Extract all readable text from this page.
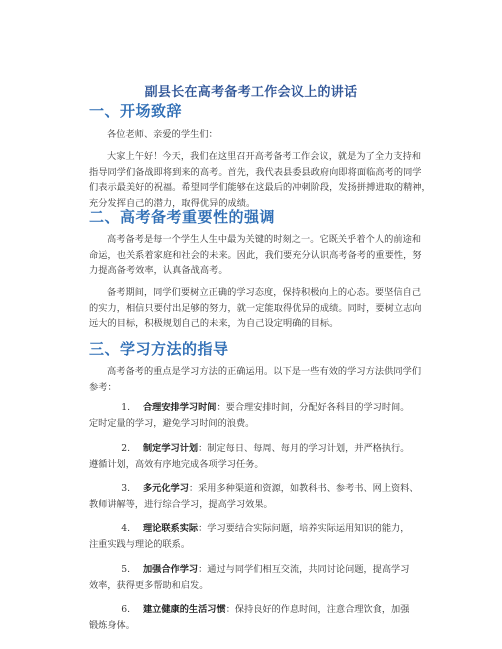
副县长在高考备考工作会议上的讲话
一、开场致辞
各位老师、亲爱的学生们：
大家上午好！今天，我们在这里召开高考备考工作会议，就是为了全力支持和
指导同学们备战即将到来的高考。首先，我代表县委县政府向即将面临高考的同学
们表示最美好的祝福。希望同学们能够在这最后的冲刺阶段，发扬拼搏进取的精神，
充分发挥自己的潜力，取得优异的成绩。
二、高考备考重要性的强调
高考备考是每一个学生人生中最为关键的时刻之一。它既关乎着个人的前途和
命运，也关系着家庭和社会的未来。因此，我们要充分认识高考备考的重要性，努
力提高备考效率，认真备战高考。
备考期间，同学们要树立正确的学习态度，保持积极向上的心态。要坚信自己
的实力，相信只要付出足够的努力，就一定能取得优异的成绩。同时，要树立志向
远大的目标，积极规划自己的未来，为自己设定明确的目标。
三、学习方法的指导
高考备考的重点是学习方法的正确运用。以下是一些有效的学习方法供同学们
参考：
1. 合理安排学习时间：要合理安排时间，分配好各科目的学习时间。
定时定量的学习，避免学习时间的浪费。
2. 制定学习计划：制定每日、每周、每月的学习计划，并严格执行。
遵循计划，高效有序地完成各项学习任务。
3. 多元化学习：采用多种渠道和资源，如教科书、参考书、网上资料、
教师讲解等，进行综合学习，提高学习效果。
4. 理论联系实际：学习要结合实际问题，培养实际运用知识的能力，
注重实践与理论的联系。
5. 加强合作学习：通过与同学们相互交流，共同讨论问题，提高学习
效率，获得更多帮助和启发。
6. 建立健康的生活习惯：保持良好的作息时间，注意合理饮食，加强
锻炼身体。
